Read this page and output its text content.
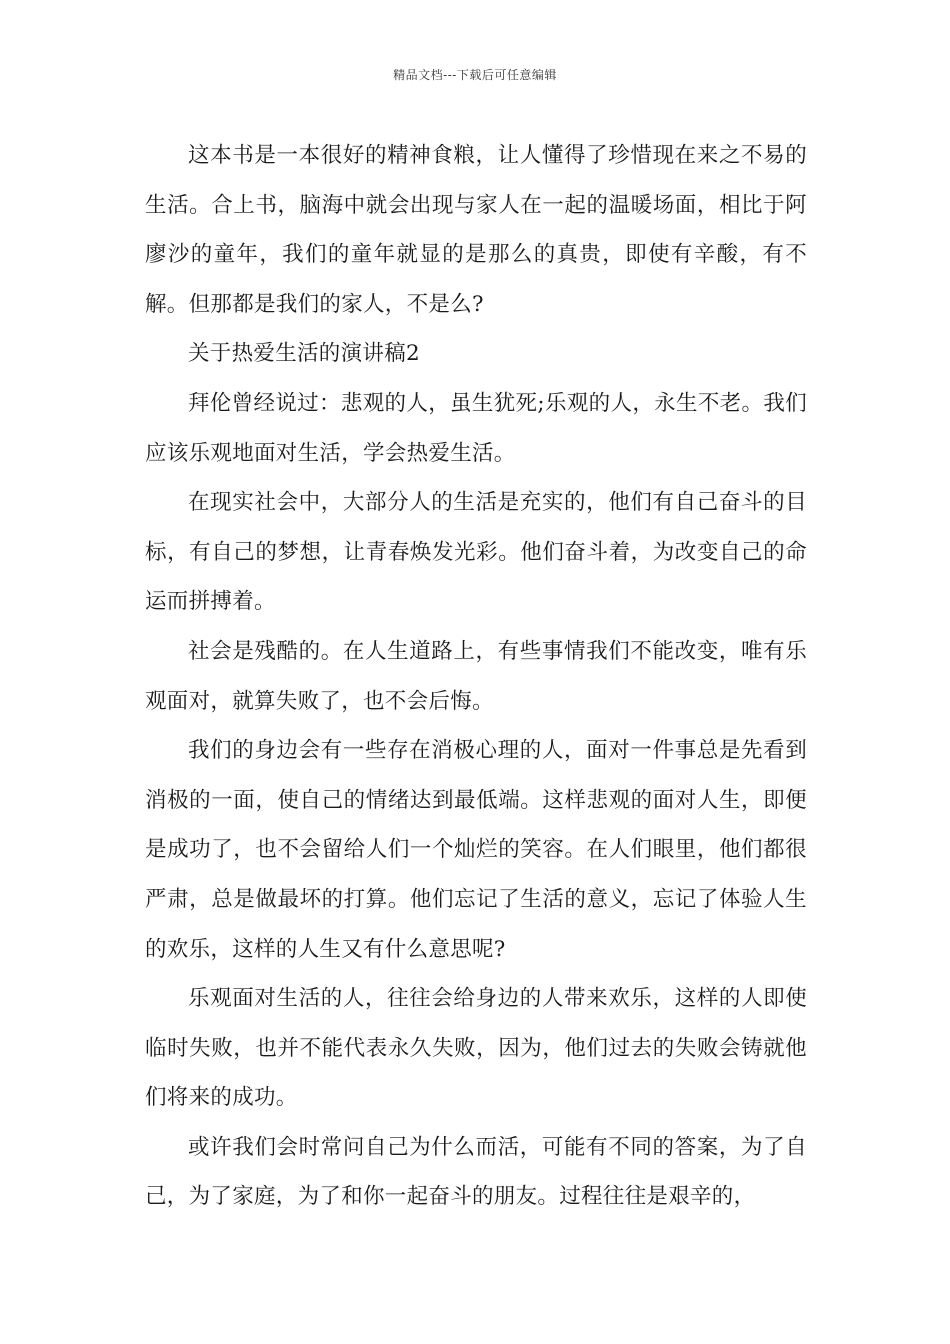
精品文档---下载后可任意编辑

这本书是一本很好的精神食粮，让人懂得了珍惜现在来之不易的生活。合上书，脑海中就会出现与家人在一起的温暖场面，相比于阿廖沙的童年，我们的童年就显的是那么的真贵，即使有辛酸，有不解。但那都是我们的家人，不是么?

关于热爱生活的演讲稿2

拜伦曾经说过：悲观的人，虽生犹死;乐观的人，永生不老。我们应该乐观地面对生活，学会热爱生活。

在现实社会中，大部分人的生活是充实的，他们有自己奋斗的目标，有自己的梦想，让青春焕发光彩。他们奋斗着，为改变自己的命运而拼搏着。

社会是残酷的。在人生道路上，有些事情我们不能改变，唯有乐观面对，就算失败了，也不会后悔。

我们的身边会有一些存在消极心理的人，面对一件事总是先看到消极的一面，使自己的情绪达到最低端。这样悲观的面对人生，即便是成功了，也不会留给人们一个灿烂的笑容。在人们眼里，他们都很严肃，总是做最坏的打算。他们忘记了生活的意义，忘记了体验人生的欢乐，这样的人生又有什么意思呢?

乐观面对生活的人，往往会给身边的人带来欢乐，这样的人即使临时失败，也并不能代表永久失败，因为，他们过去的失败会铸就他们将来的成功。

或许我们会时常问自己为什么而活，可能有不同的答案，为了自己，为了家庭，为了和你一起奋斗的朋友。过程往往是艰辛的，
